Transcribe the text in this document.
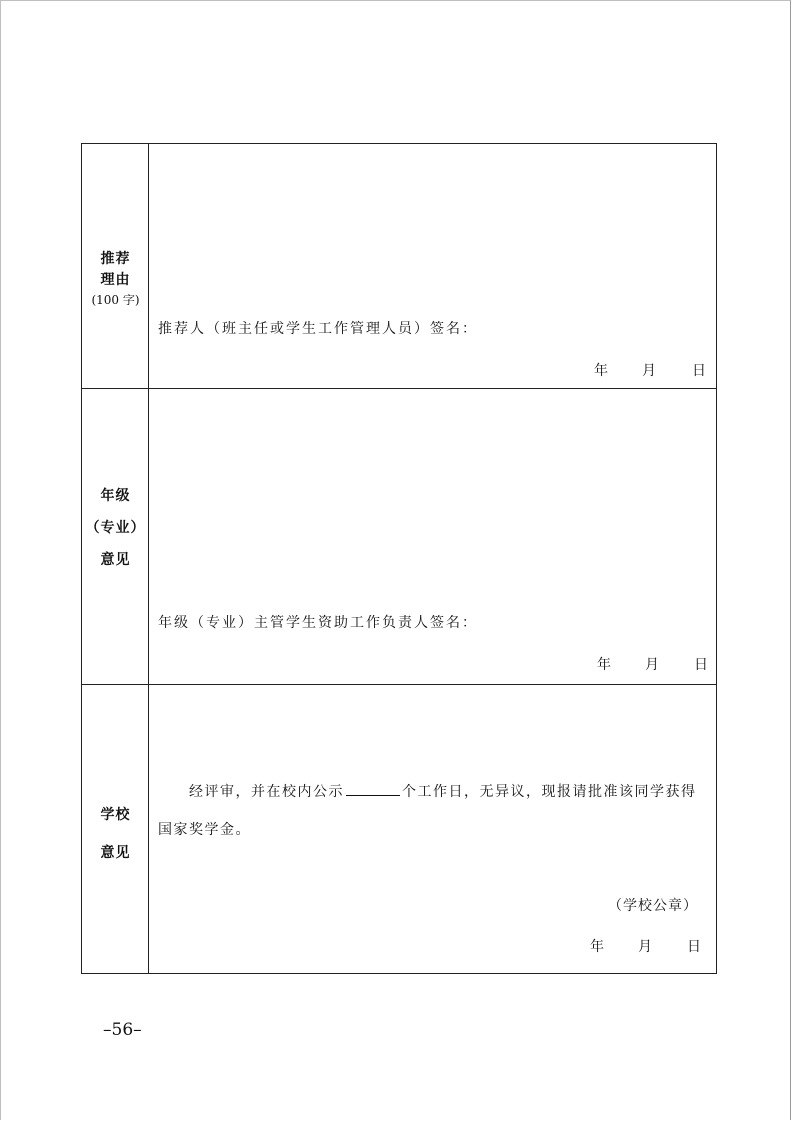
推荐
理由
(100 字)
推荐人（班主任或学生工作管理人员）签名：
年 月	日
年级
（专业）
意见
年级（专业）主管学生资助工作负责人签名：
年 月	日
学校
意见
经评审，并在校内公示	个工作日，无异议，现报请批准该同学获得
国家奖学金。
（学校公章）
年 月	日
–56–
